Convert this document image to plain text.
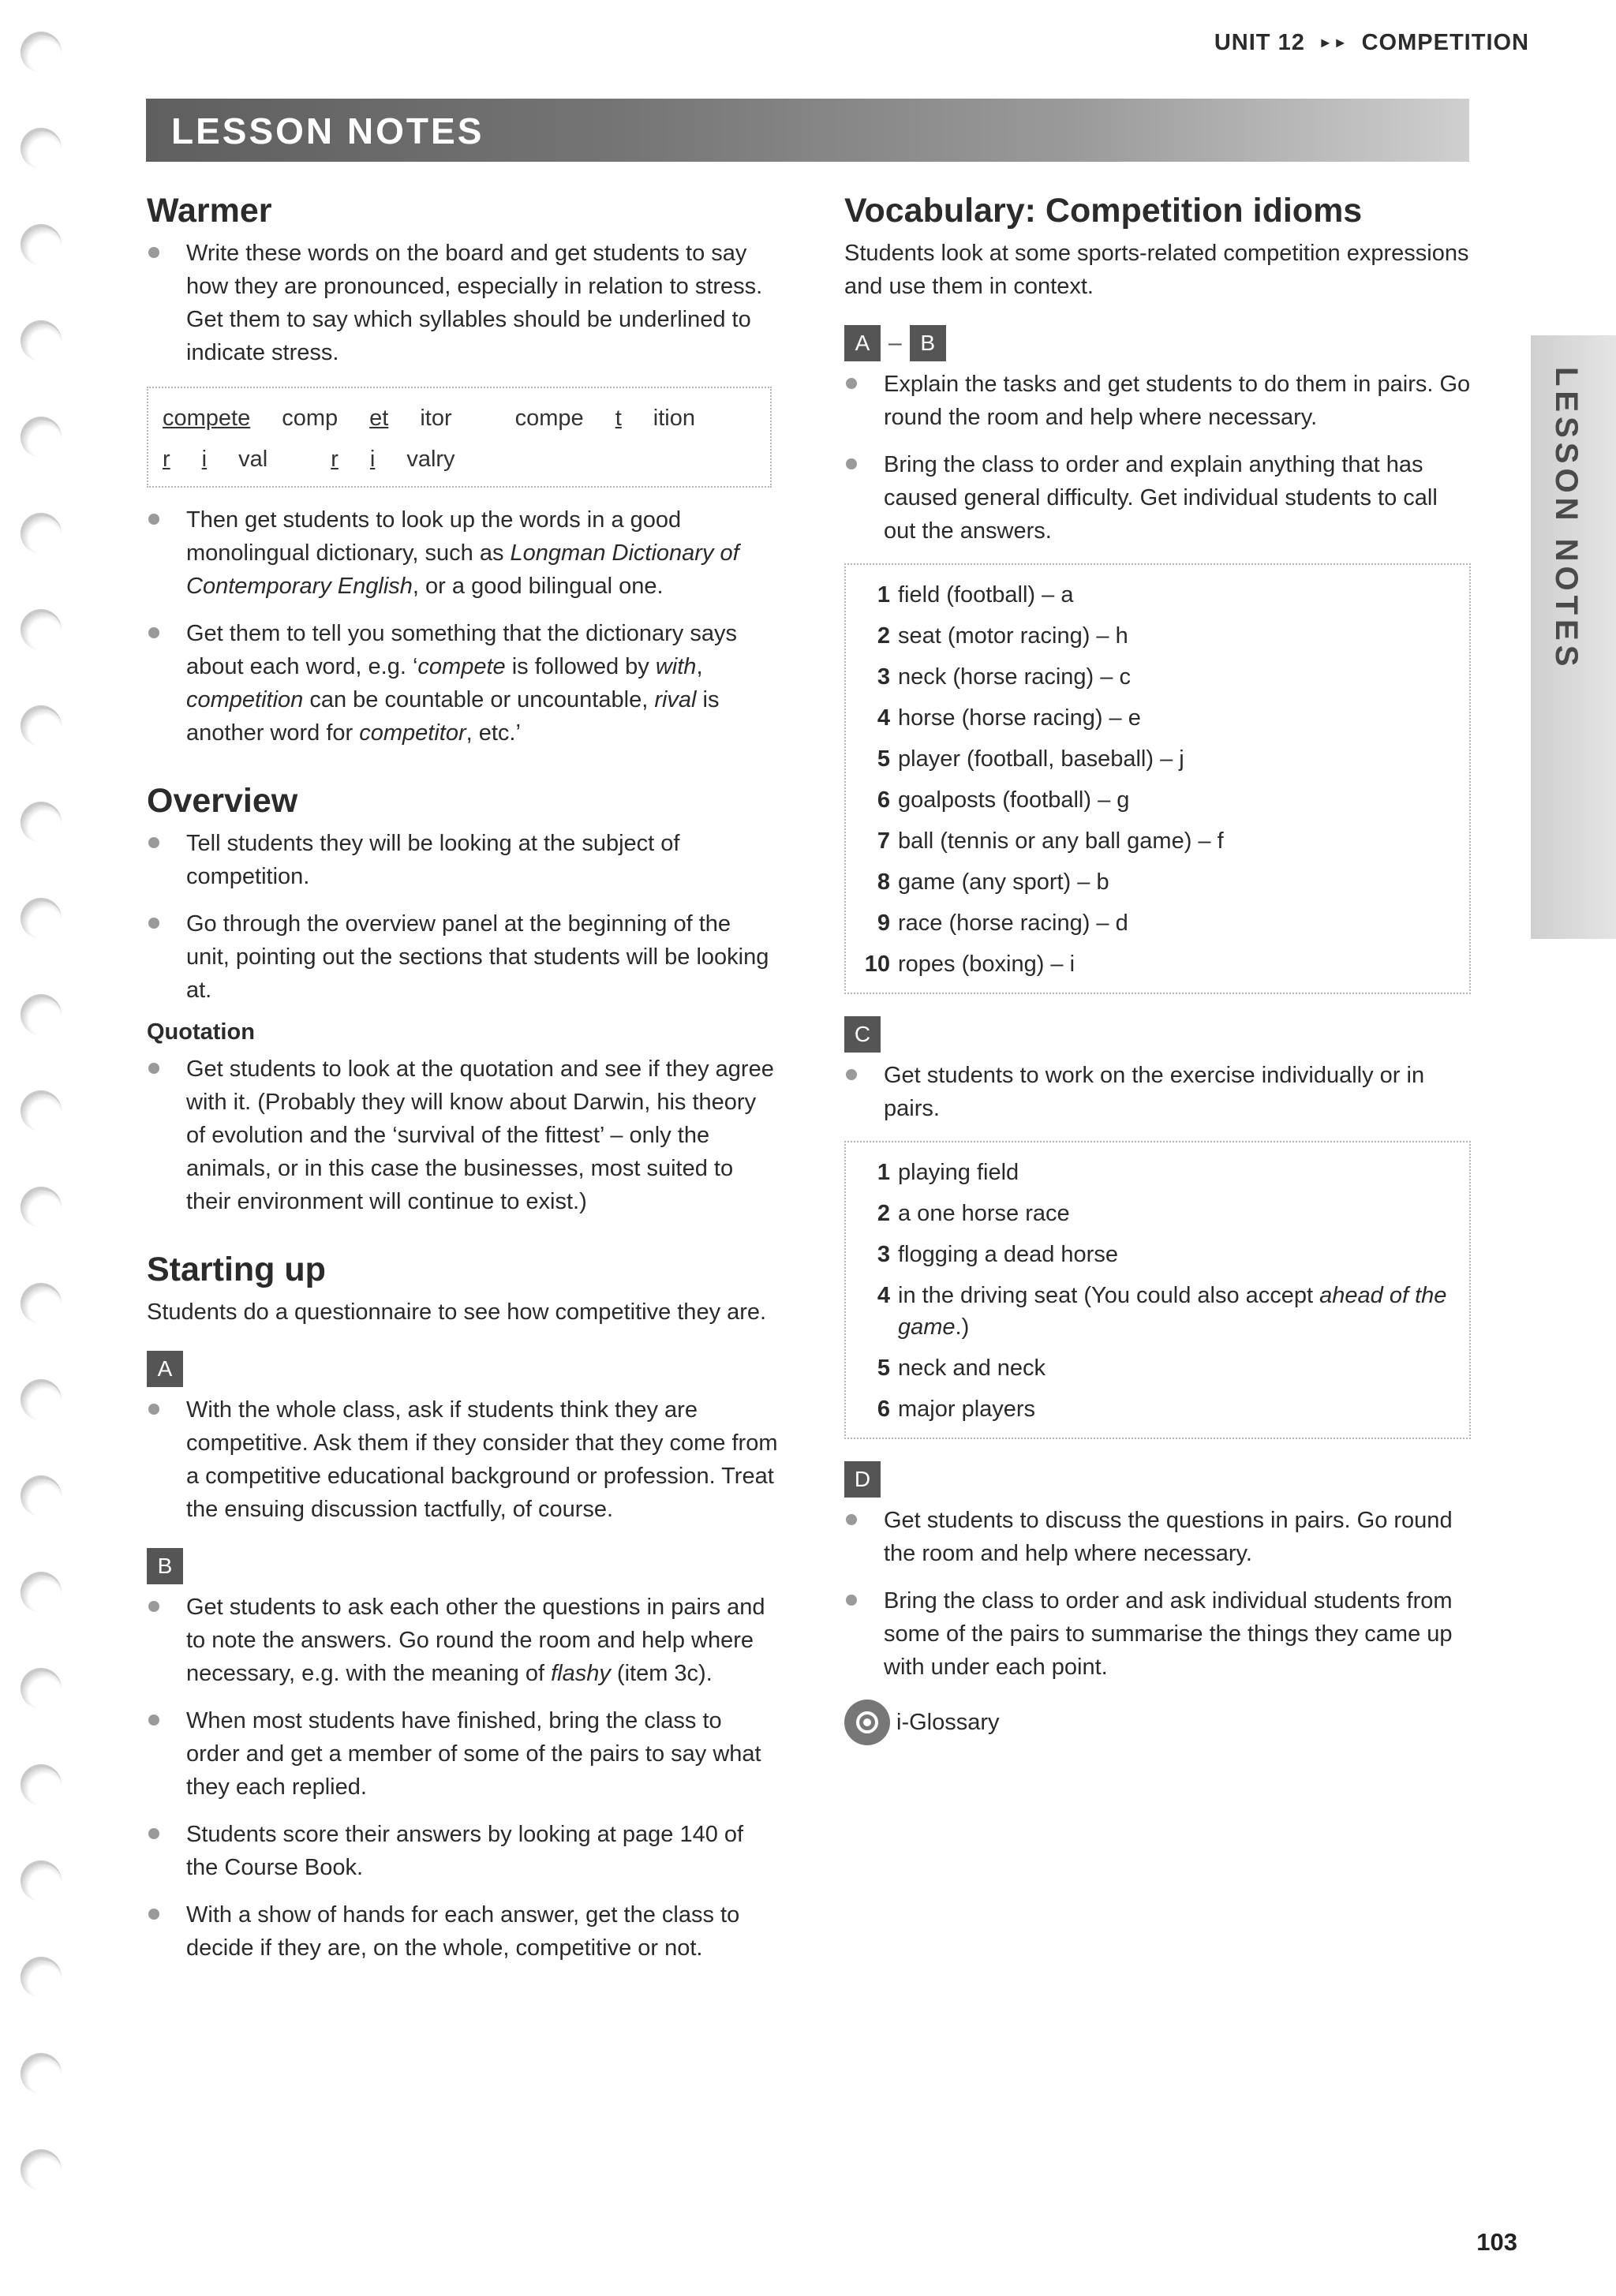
UNIT 12 ►► COMPETITION
LESSON NOTES
LESSON NOTES
Warmer
Write these words on the board and get students to say how they are pronounced, especially in relation to stress. Get them to say which syllables should be underlined to indicate stress.
compete comp et itor	compe t ition
r i val	r i valry
Then get students to look up the words in a good monolingual dictionary, such as Longman Dictionary of Contemporary English, or a good bilingual one.
Get them to tell you something that the dictionary says about each word, e.g. ‘compete is followed by with, competition can be countable or uncountable, rival is another word for competitor, etc.’
Overview
Tell students they will be looking at the subject of competition.
Go through the overview panel at the beginning of the unit, pointing out the sections that students will be looking at.
Quotation
Get students to look at the quotation and see if they agree with it. (Probably they will know about Darwin, his theory of evolution and the ‘survival of the fittest’ – only the animals, or in this case the businesses, most suited to their environment will continue to exist.)
Starting up

Students do a questionnaire to see how competitive they are.

A
With the whole class, ask if students think they are competitive. Ask them if they consider that they come from a competitive educational background or profession. Treat the ensuing discussion tactfully, of course.
B
Get students to ask each other the questions in pairs and to note the answers. Go round the room and help where necessary, e.g. with the meaning of flashy (item 3c).
When most students have finished, bring the class to order and get a member of some of the pairs to say what they each replied.
Students score their answers by looking at page 140 of the Course Book.
With a show of hands for each answer, get the class to decide if they are, on the whole, competitive or not.
Vocabulary: Competition idioms

Students look at some sports-related competition expressions and use them in context.

A – B
Explain the tasks and get students to do them in pairs. Go round the room and help where necessary.
Bring the class to order and explain anything that has caused general difficulty. Get individual students to call out the answers.
1 field (football) – a
2 seat (motor racing) – h
3 neck (horse racing) – c
4 horse (horse racing) – e
5 player (football, baseball) – j
6 goalposts (football) – g
7 ball (tennis or any ball game) – f
8 game (any sport) – b
9 race (horse racing) – d
10 ropes (boxing) – i
C
Get students to work on the exercise individually or in pairs.
1 playing field
2 a one horse race
3 flogging a dead horse
4 in the driving seat (You could also accept ahead of the game.)
5 neck and neck
6 major players
D
Get students to discuss the questions in pairs. Go round the room and help where necessary.
Bring the class to order and ask individual students from some of the pairs to summarise the things they came up with under each point.
i-Glossary
103
